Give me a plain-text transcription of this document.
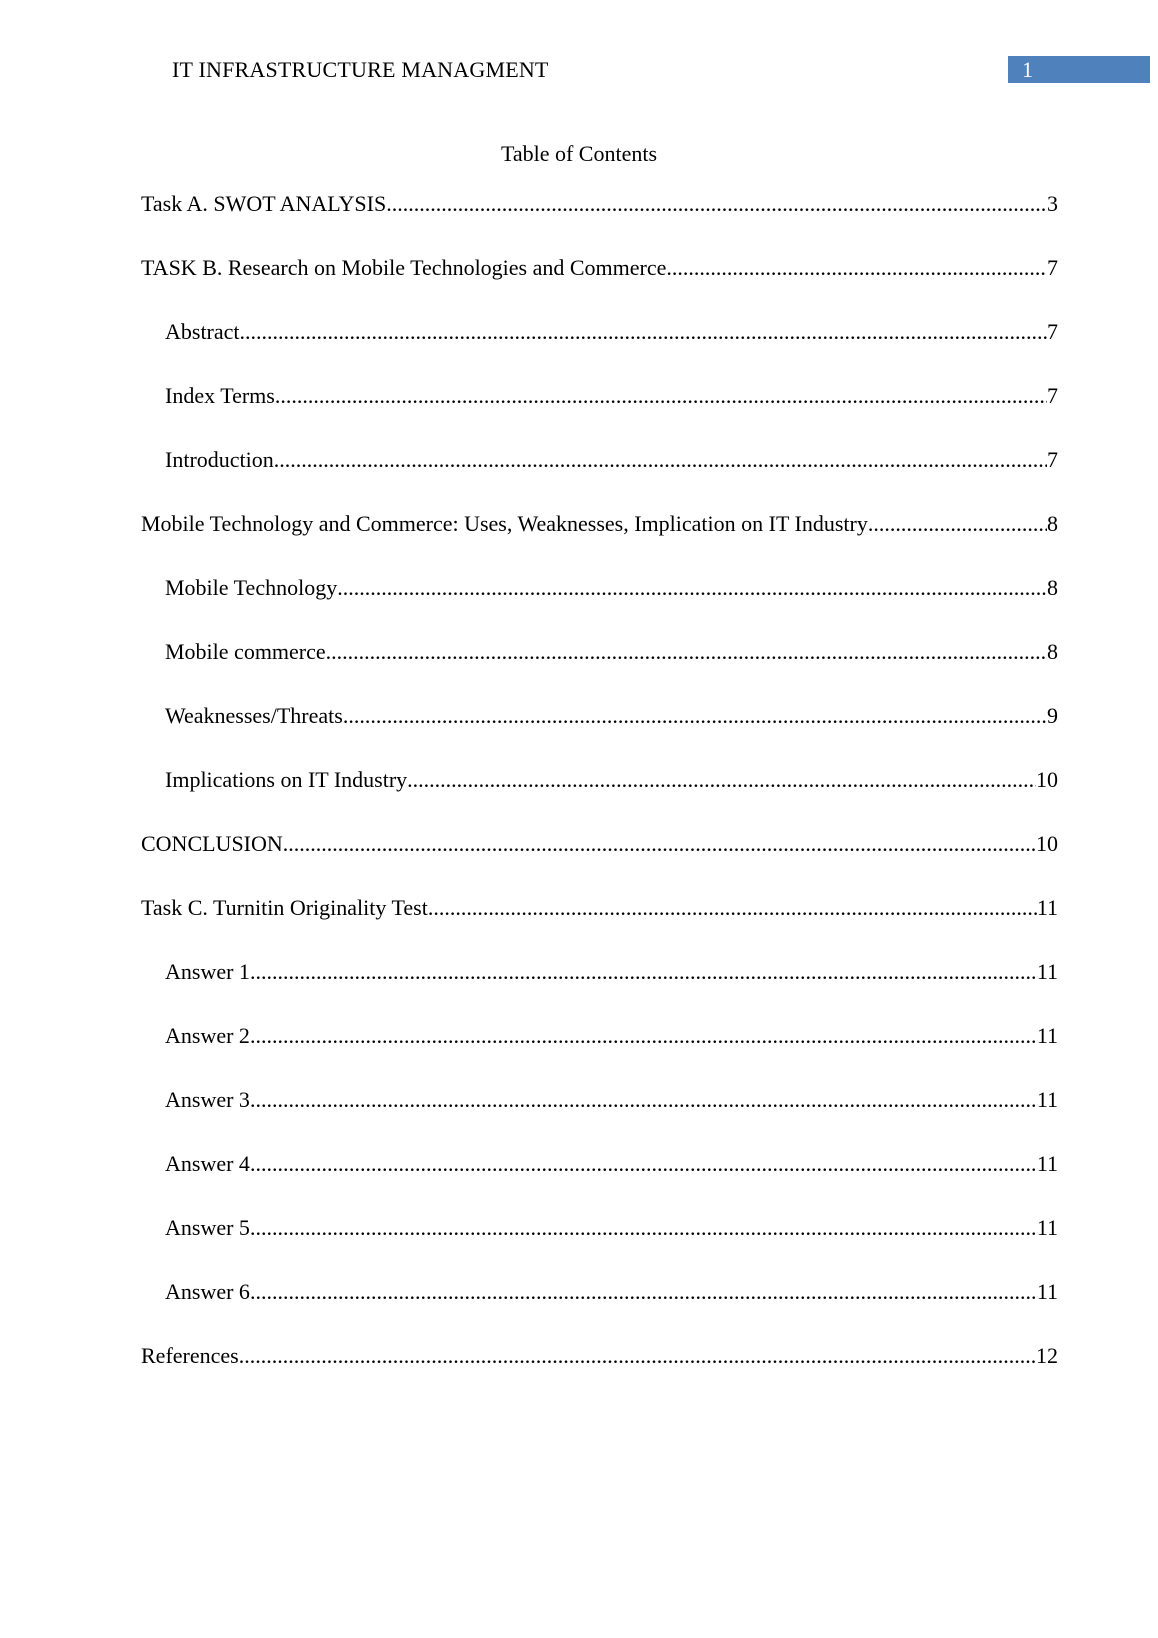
IT INFRASTRUCTURE MANAGMENT	1
Table of Contents
Task A. SWOT ANALYSIS .....	3
TASK B. Research on Mobile Technologies and Commerce .....	7
Abstract .....	7
Index Terms .....	7
Introduction .....	7
Mobile Technology and Commerce: Uses, Weaknesses, Implication on IT Industry .....	8
Mobile Technology .....	8
Mobile commerce .....	8
Weaknesses/Threats .....	9
Implications on IT Industry .....	10
CONCLUSION .....	10
Task C. Turnitin Originality Test .....	11
Answer 1 .....	11
Answer 2 .....	11
Answer 3 .....	11
Answer 4 .....	11
Answer 5 .....	11
Answer 6 .....	11
References .....	12
